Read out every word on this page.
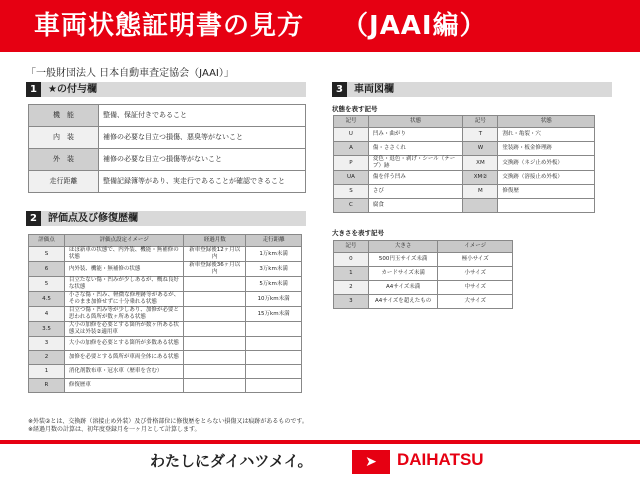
車両状態証明書の見方 （JAAI編）
「一般財団法人 日本自動車査定協会（JAAI）」
1	★の付与欄
機　能	整備、保証付きであること
内　装	補修の必要な目立つ損傷、悪臭等がないこと
外　装	補修の必要な目立つ損傷等がないこと
走行距離	整備記録簿等があり、実走行であることが確認できること
2	評価点及び修復歴欄
評価点	評価点設定イメージ	経過月数	走行距離
S	ほぼ新車の状態で、内外装、機能・無補修の状態	新車登録後12ヶ月以内	1万km未満
6	内外装、機能・無補修の状態	新車登録後36ヶ月以内	3万km未満
5	目立たない傷・凹みが少しあるが、概ね良好な状態		5万km未満
4.5	小さな傷・凹み、軽微な修理跡等があるが、そのまま加修せずに十分乗れる状態		10万km未満
4	目立つ傷・凹み等が少しあり、加修が必要と思われる箇所が数ヶ所ある状態		15万km未満
3.5	大小の加修を必要とする箇所が数ヶ所ある状態又は外装②適用車		
3	大小の加修を必要とする箇所が多数ある状態		
2	加修を必要とする箇所が車両全体にある状態		
1	消化剤散布車・冠水車（歴車を含む）		
R	修復歴車		
3	車両図欄
状態を表す記号
記号	状態	記号	状態
U	凹み・曲がり	T	割れ・亀裂・穴
A	傷・ささくれ	W	塗装跡・板金修理跡
P	変色・退色・剥げ・シール（テープ）跡	XM	交換跡（ネジ止め外板）
UA	傷を伴う凹み	XM②	交換跡（溶接止め外板）
S	さび	M	修復歴
C	腐食		
大きさを表す記号
記号	大きさ	イメージ
0	500円玉サイズ未満	極小サイズ
1	カードサイズ未満	小サイズ
2	A4サイズ未満	中サイズ
3	A4サイズを超えたもの	大サイズ
※外装②とは、交換跡（溶接止め外装）及び骨格部位に修復歴をとらない損傷又は痕跡があるものです。
※経過月数の計算は、初年度登録月を一ヶ月として計算します。
わたしにダイハツメイ。	➤	DAIHATSU
